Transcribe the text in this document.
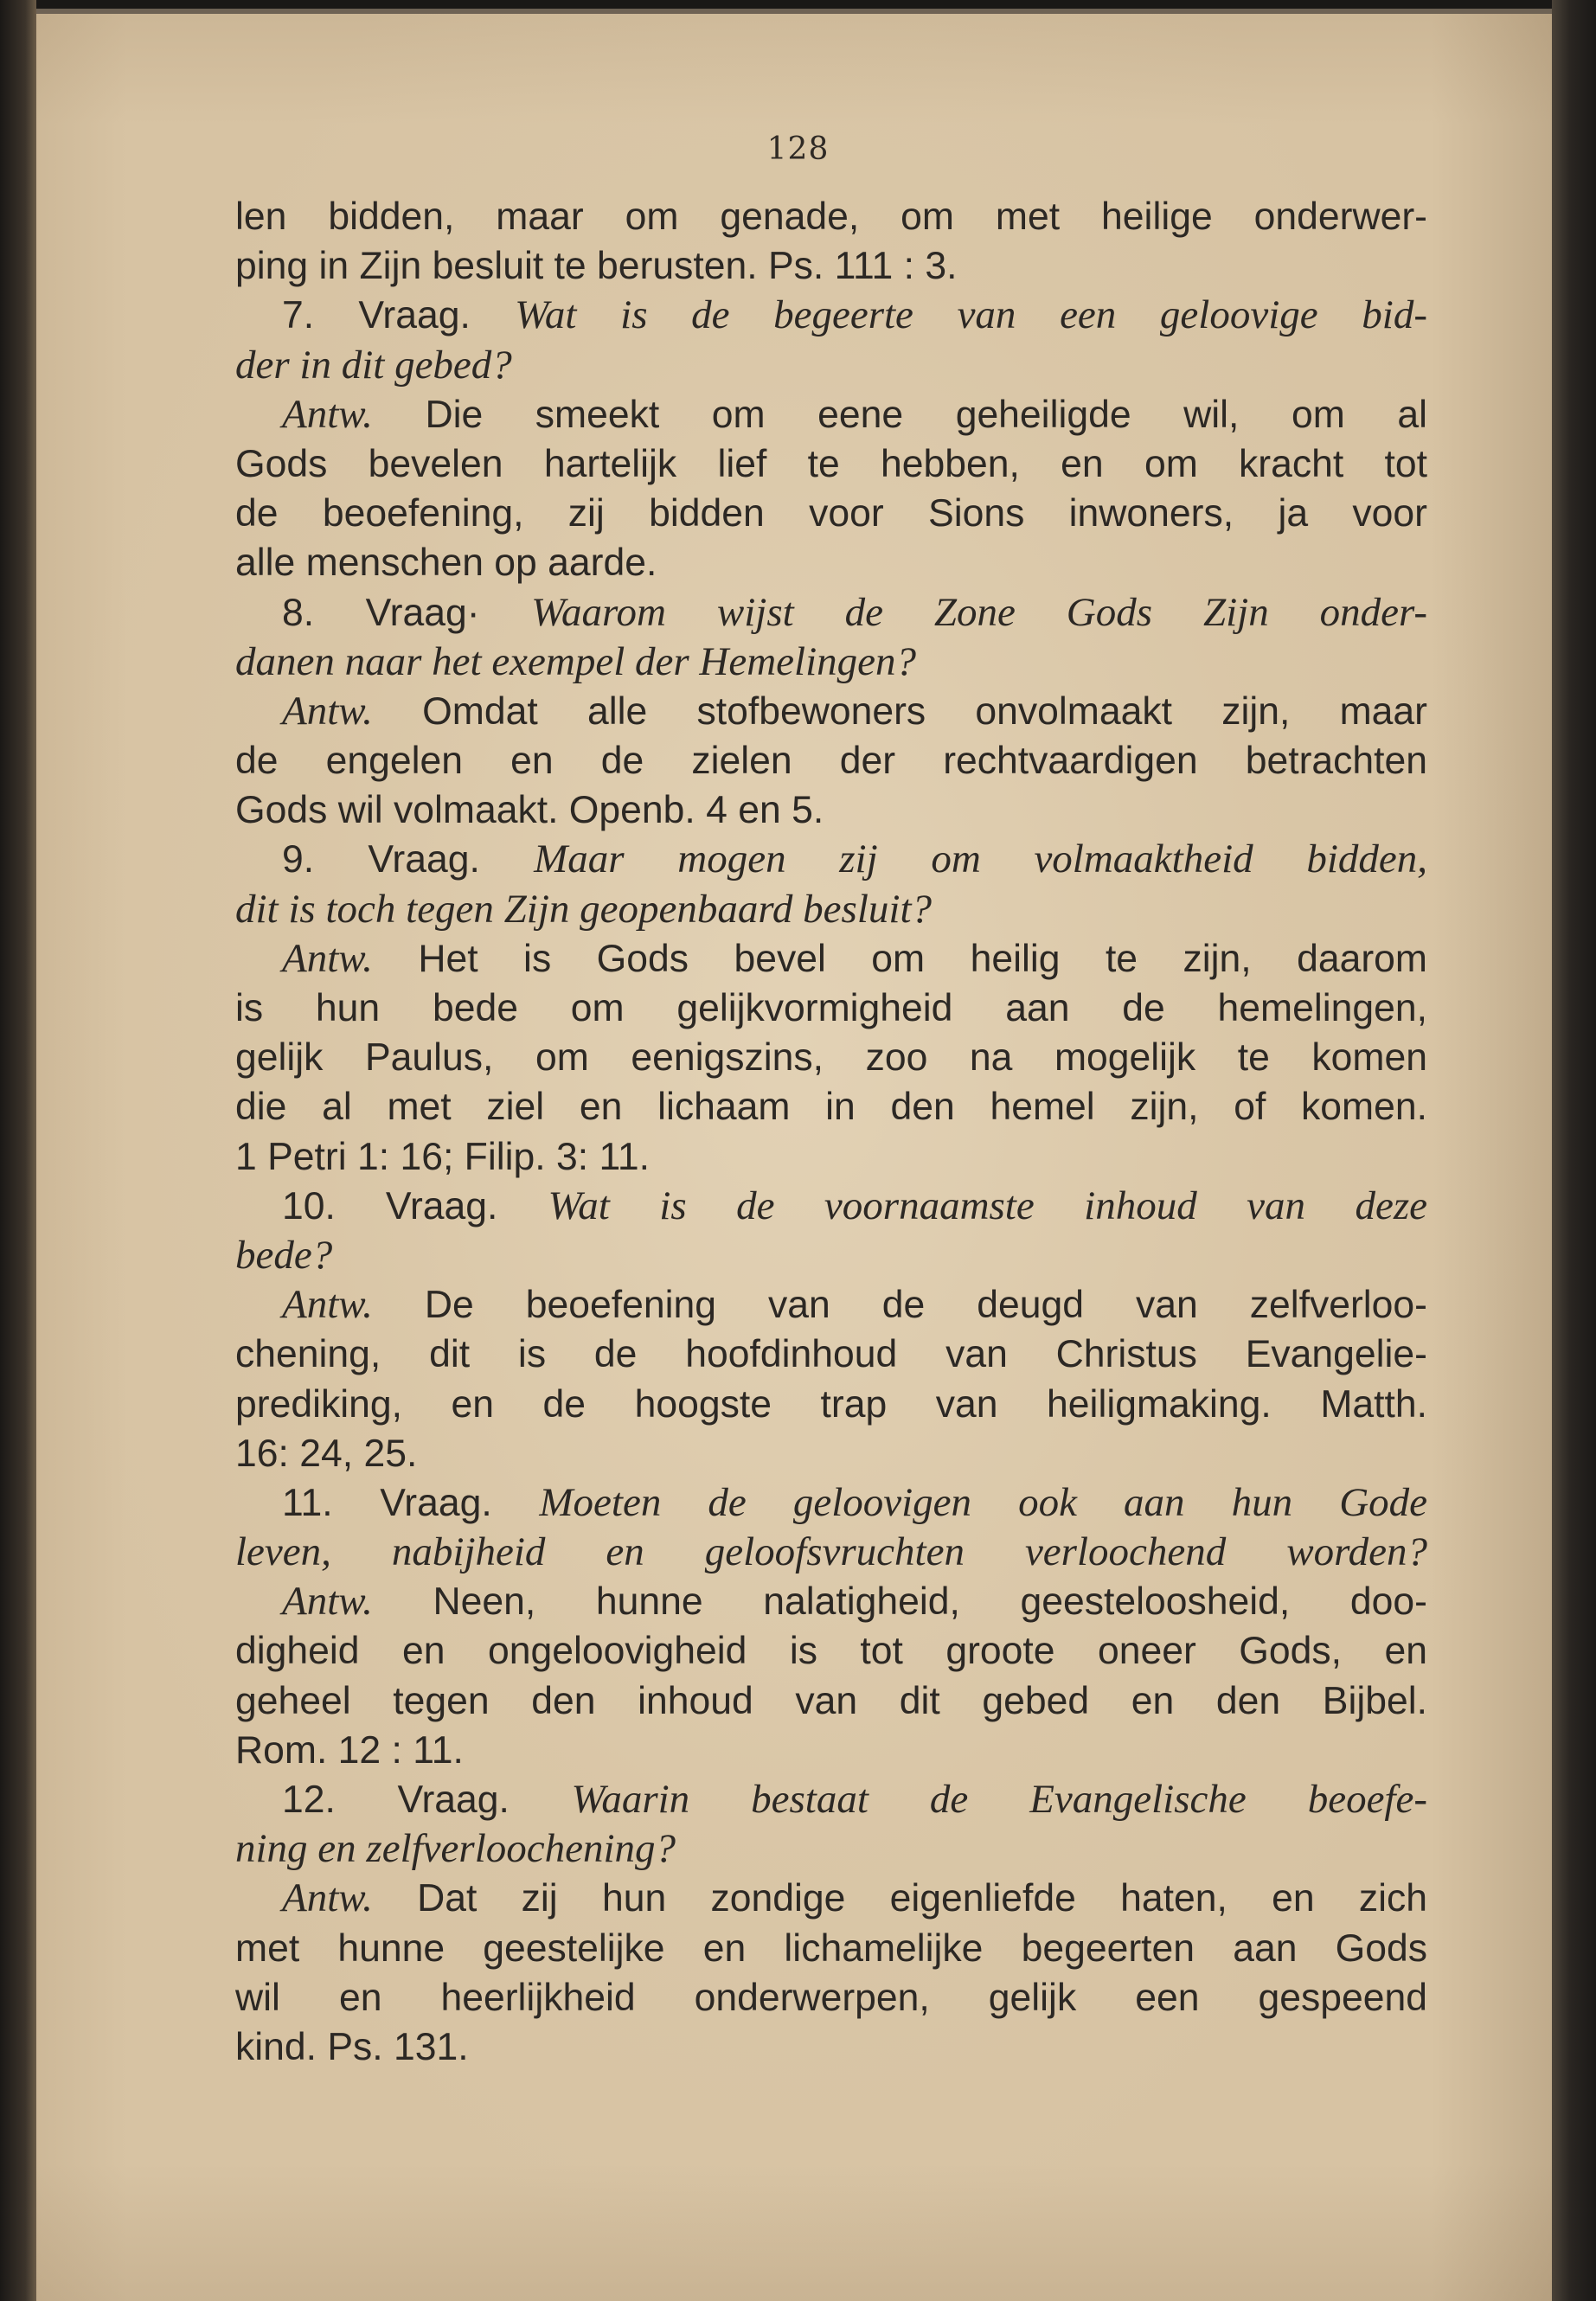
128
len bidden, maar om genade, om met heilige onderwer-
ping in Zijn besluit te berusten. Ps. 111 : 3.
7. Vraag. Wat is de begeerte van een geloovige bid-
der in dit gebed?
Antw. Die smeekt om eene geheiligde wil, om al
Gods bevelen hartelijk lief te hebben, en om kracht tot
de beoefening, zij bidden voor Sions inwoners, ja voor
alle menschen op aarde.
8. Vraag· Waarom wijst de Zone Gods Zijn onder-
danen naar het exempel der Hemelingen?
Antw. Omdat alle stofbewoners onvolmaakt zijn, maar
de engelen en de zielen der rechtvaardigen betrachten
Gods wil volmaakt. Openb. 4 en 5.
9. Vraag. Maar mogen zij om volmaaktheid bidden,
dit is toch tegen Zijn geopenbaard besluit?
Antw. Het is Gods bevel om heilig te zijn, daarom
is hun bede om gelijkvormigheid aan de hemelingen,
gelijk Paulus, om eenigszins, zoo na mogelijk te komen
die al met ziel en lichaam in den hemel zijn, of komen.
1 Petri 1: 16; Filip. 3: 11.
10. Vraag. Wat is de voornaamste inhoud van deze
bede?
Antw. De beoefening van de deugd van zelfverloo-
chening, dit is de hoofdinhoud van Christus Evangelie-
prediking, en de hoogste trap van heiligmaking. Matth.
16: 24, 25.
11. Vraag. Moeten de geloovigen ook aan hun Gode
leven, nabijheid en geloofsvruchten verloochend worden?
Antw. Neen, hunne nalatigheid, geesteloosheid, doo-
digheid en ongeloovigheid is tot groote oneer Gods, en
geheel tegen den inhoud van dit gebed en den Bijbel.
Rom. 12 : 11.
12. Vraag. Waarin bestaat de Evangelische beoefe-
ning en zelfverloochening?
Antw. Dat zij hun zondige eigenliefde haten, en zich
met hunne geestelijke en lichamelijke begeerten aan Gods
wil en heerlijkheid onderwerpen, gelijk een gespeend
kind. Ps. 131.
